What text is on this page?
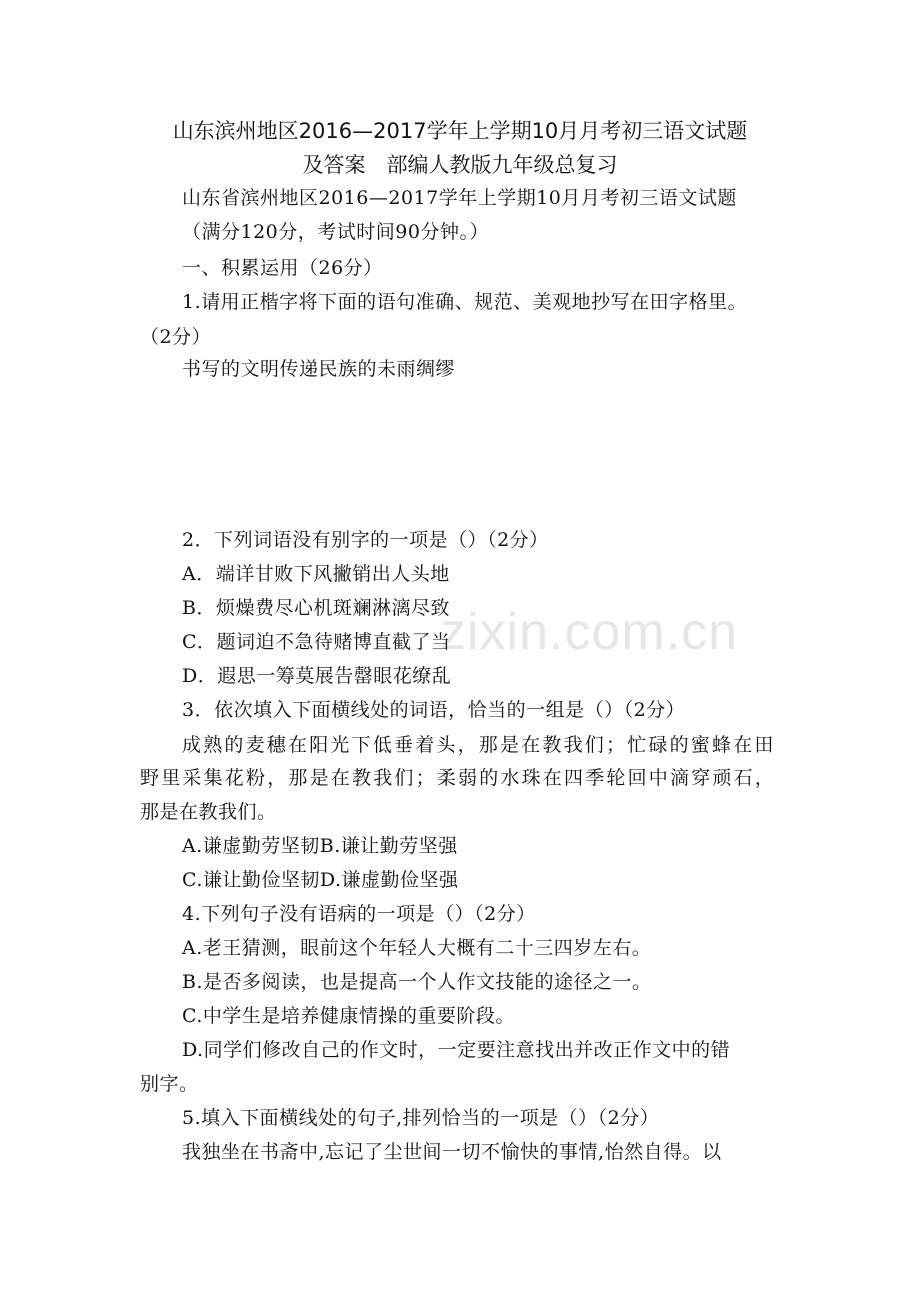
zixin.com.cn
山东滨州地区2016—2017学年上学期10月月考初三语文试题
及答案　部编人教版九年级总复习
山东省滨州地区2016—2017学年上学期10月月考初三语文试题
（满分120分，考试时间90分钟。）
一、积累运用（26分）
1.请用正楷字将下面的语句准确、规范、美观地抄写在田字格里。
（2分）
书写的文明传递民族的未雨绸缪
2．下列词语没有别字的一项是（）（2分）
A．端详甘败下风撇销出人头地
B．烦燥费尽心机斑斓淋漓尽致
C．题词迫不急待赌博直截了当
D．遐思一筹莫展告罄眼花缭乱
3．依次填入下面横线处的词语，恰当的一组是（）（2分）
成熟的麦穗在阳光下低垂着头，那是在教我们；忙碌的蜜蜂在田
野里采集花粉，那是在教我们；柔弱的水珠在四季轮回中滴穿顽石，
那是在教我们。
A.谦虚勤劳坚韧B.谦让勤劳坚强
C.谦让勤俭坚韧D.谦虚勤俭坚强
4.下列句子没有语病的一项是（）（2分）
A.老王猜测，眼前这个年轻人大概有二十三四岁左右。
B.是否多阅读，也是提高一个人作文技能的途径之一。
C.中学生是培养健康情操的重要阶段。
D.同学们修改自己的作文时，一定要注意找出并改正作文中的错
别字。
5.填入下面横线处的句子,排列恰当的一项是（）（2分）
我独坐在书斋中,忘记了尘世间一切不愉快的事情,怡然自得。以
